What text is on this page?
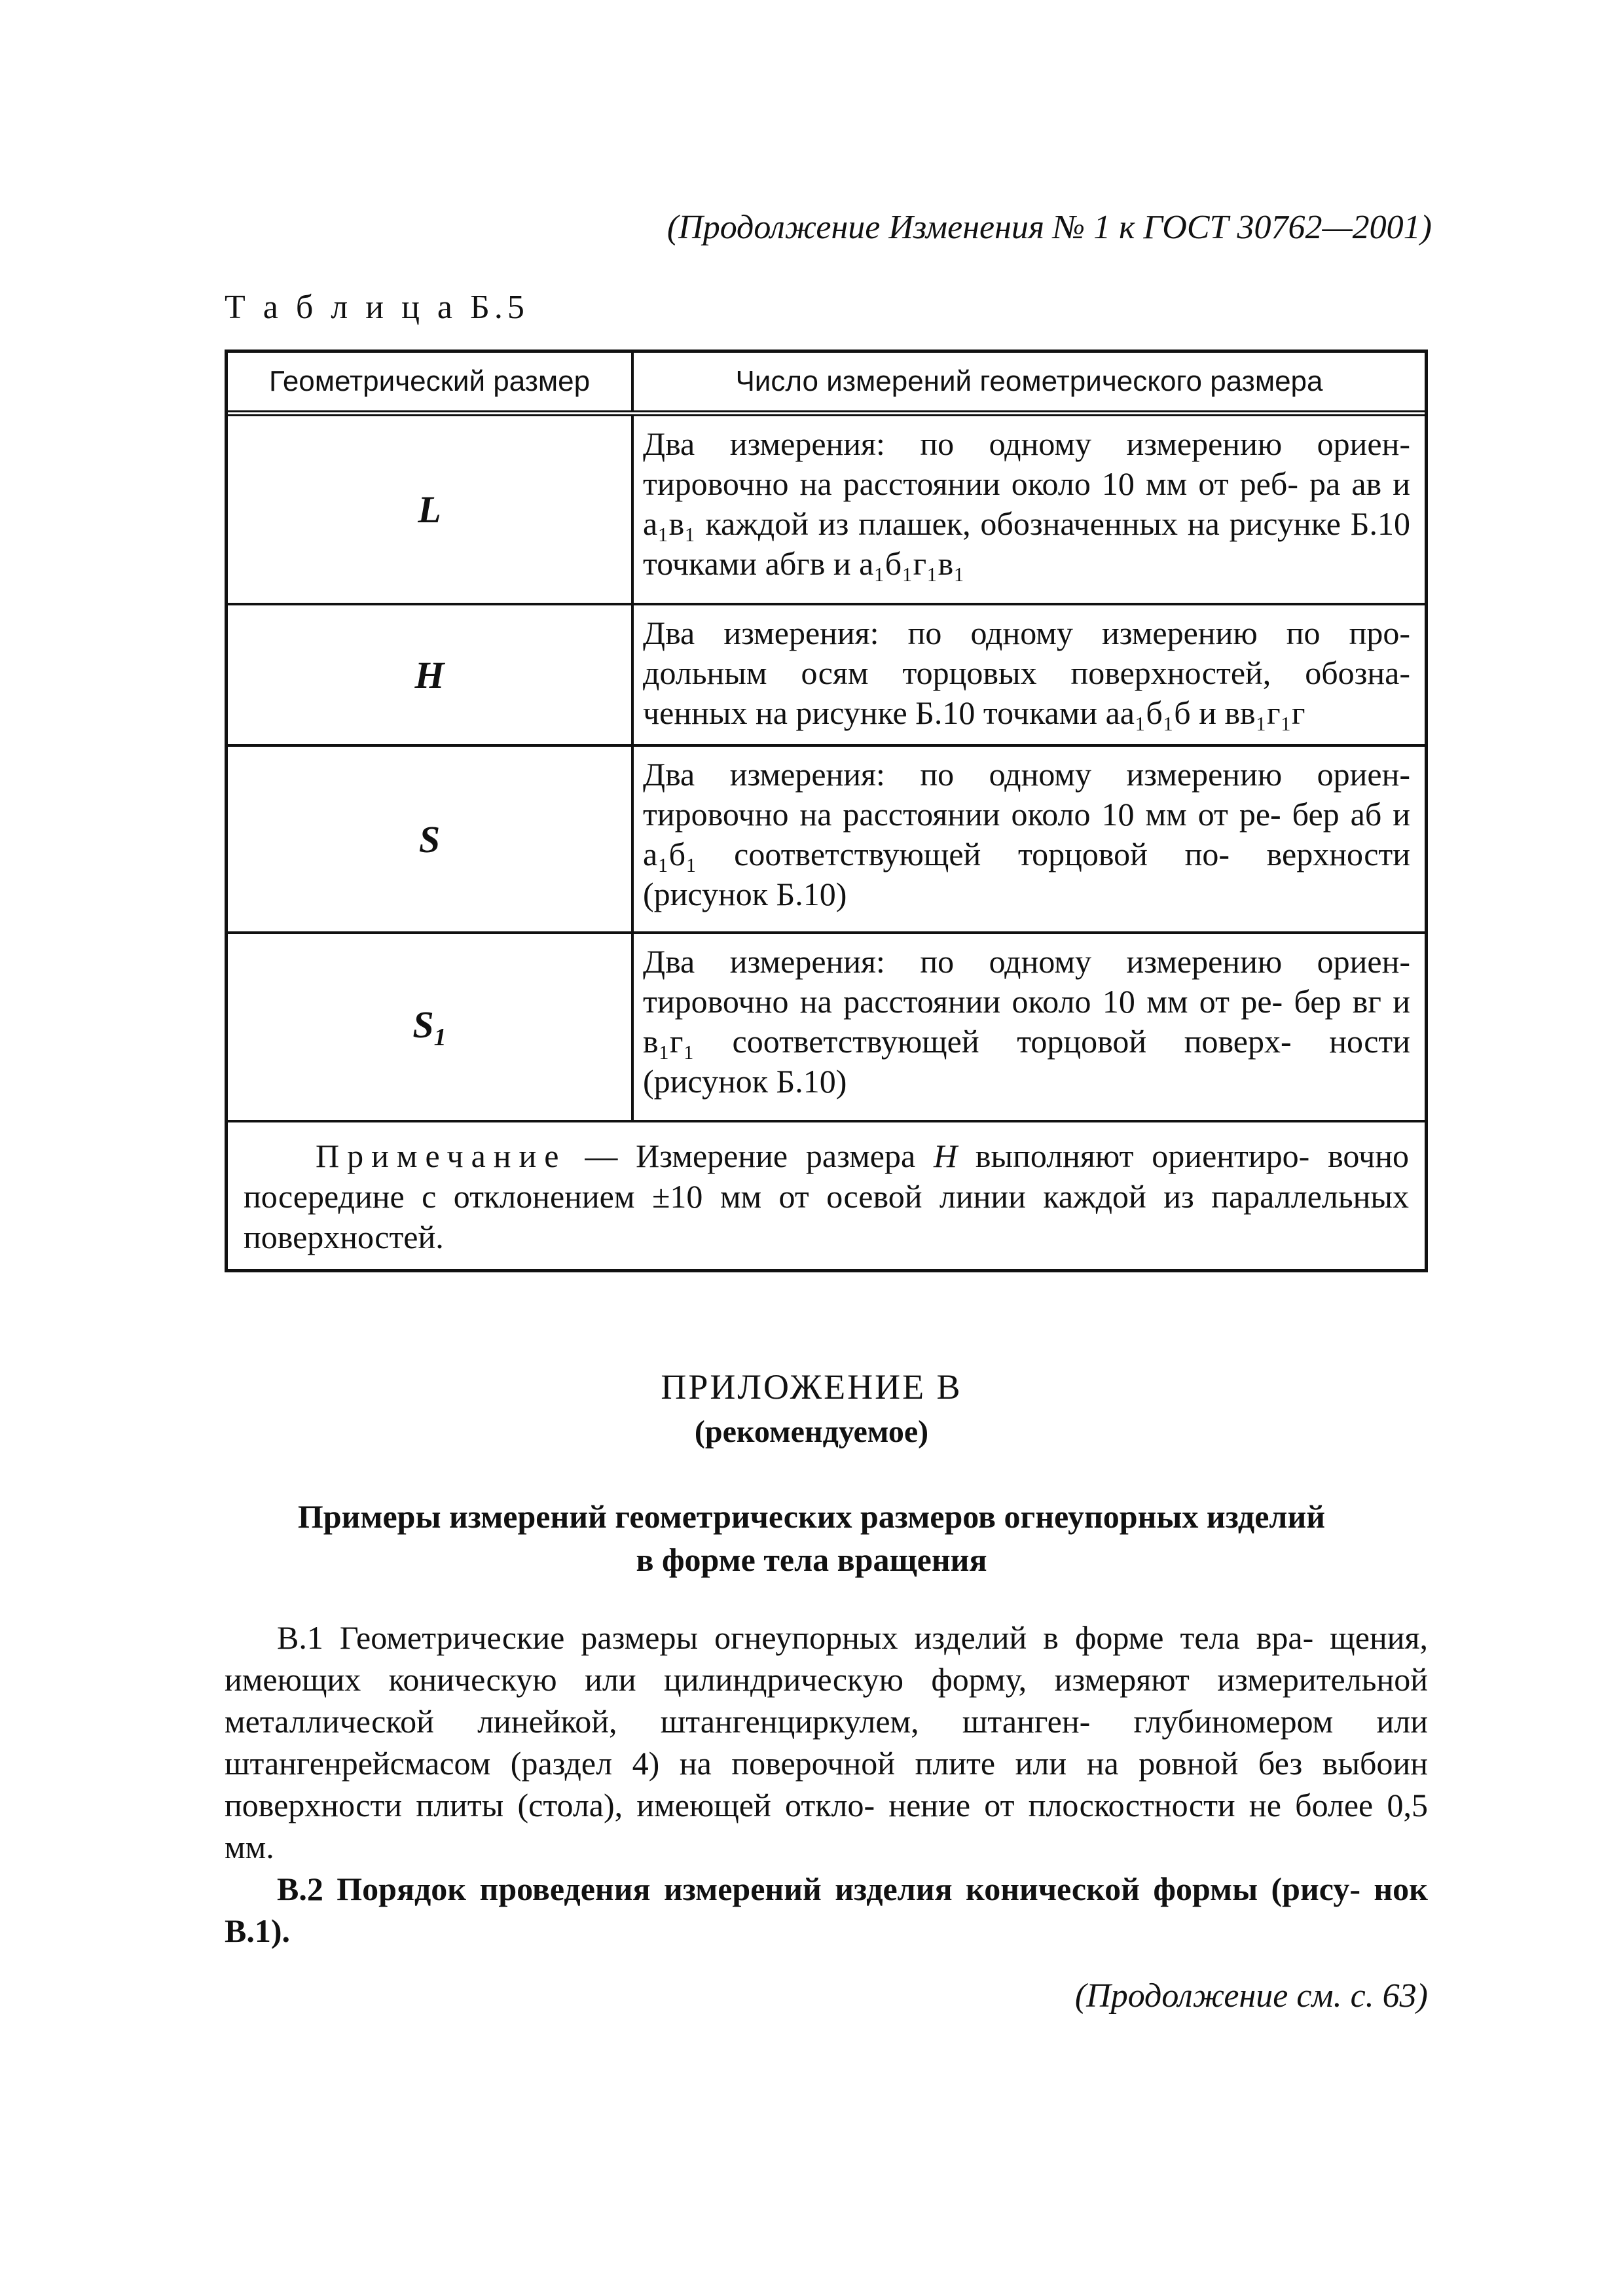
(Продолжение Изменения № 1 к ГОСТ 30762—2001)
Т а б л и ц а Б.5
Геометрический размер	Число измерений геометрического размера
L
Два измерения: по одному измерению ориен- тировочно на расстоянии около 10 мм от реб- ра ав и а₁в₁ каждой из плашек, обозначенных на рисунке Б.10 точками абгв и а₁б₁г₁в₁
H
Два измерения: по одному измерению по про- дольным осям торцовых поверхностей, обозна- ченных на рисунке Б.10 точками аа₁б₁б и вв₁г₁г
S
Два измерения: по одному измерению ориен- тировочно на расстоянии около 10 мм от ре- бер аб и а₁б₁ соответствующей торцовой по- верхности (рисунок Б.10)
$S_1$
Два измерения: по одному измерению ориен- тировочно на расстоянии около 10 мм от ре- бер вг и в₁г₁ соответствующей торцовой поверх- ности (рисунок Б.10)
Примечание — Измерение размера H выполняют ориентиро- вочно посередине с отклонением ±10 мм от осевой линии каждой из параллельных поверхностей.
ПРИЛОЖЕНИЕ В
(рекомендуемое)
Примеры измерений геометрических размеров огнеупорных изделий
в форме тела вращения

В.1 Геометрические размеры огнеупорных изделий в форме тела вра- щения, имеющих коническую или цилиндрическую форму, измеряют измерительной металлической линейкой, штангенциркулем, штанген- глубиномером или штангенрейсмасом (раздел 4) на поверочной плите или на ровной без выбоин поверхности плиты (стола), имеющей откло- нение от плоскостности не более 0,5 мм.

В.2 Порядок проведения измерений изделия конической формы (рису- нок В.1).

(Продолжение см. с. 63)
